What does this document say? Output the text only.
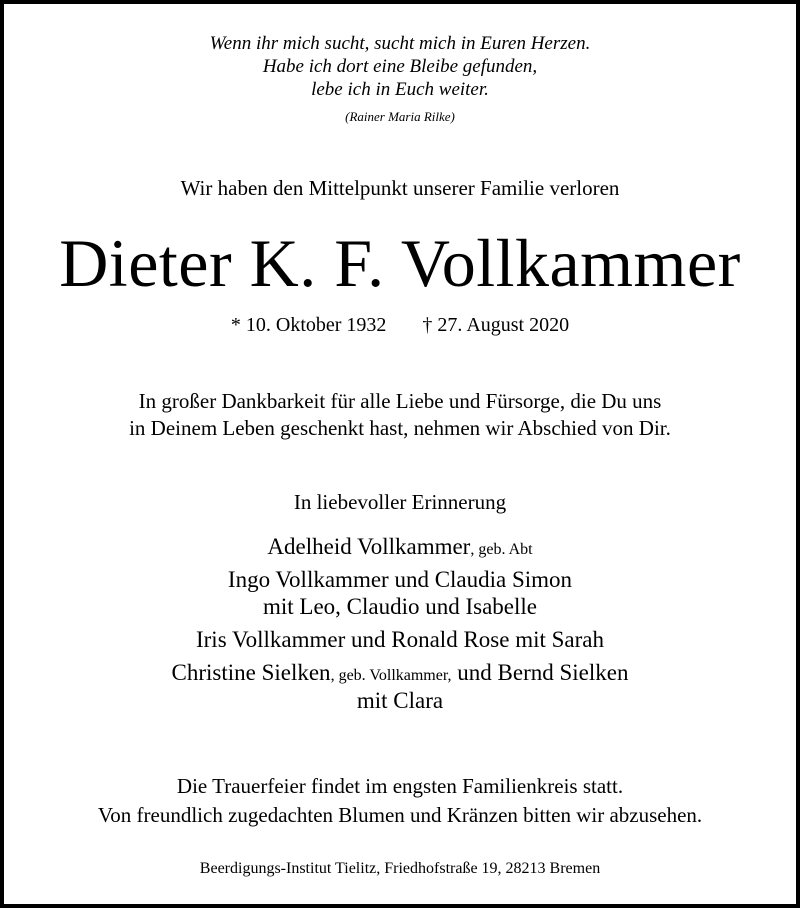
Wenn ihr mich sucht, sucht mich in Euren Herzen.
Habe ich dort eine Bleibe gefunden,
lebe ich in Euch weiter.
(Rainer Maria Rilke)
Wir haben den Mittelpunkt unserer Familie verloren
Dieter K. F. Vollkammer
* 10. Oktober 1932 † 27. August 2020
In großer Dankbarkeit für alle Liebe und Fürsorge, die Du uns
in Deinem Leben geschenkt hast, nehmen wir Abschied von Dir.
In liebevoller Erinnerung
Adelheid Vollkammer, geb. Abt
Ingo Vollkammer und Claudia Simon
mit Leo, Claudio und Isabelle
Iris Vollkammer und Ronald Rose mit Sarah
Christine Sielken, geb. Vollkammer, und Bernd Sielken
mit Clara
Die Trauerfeier findet im engsten Familienkreis statt.
Von freundlich zugedachten Blumen und Kränzen bitten wir abzusehen.
Beerdigungs-Institut Tielitz, Friedhofstraße 19, 28213 Bremen
